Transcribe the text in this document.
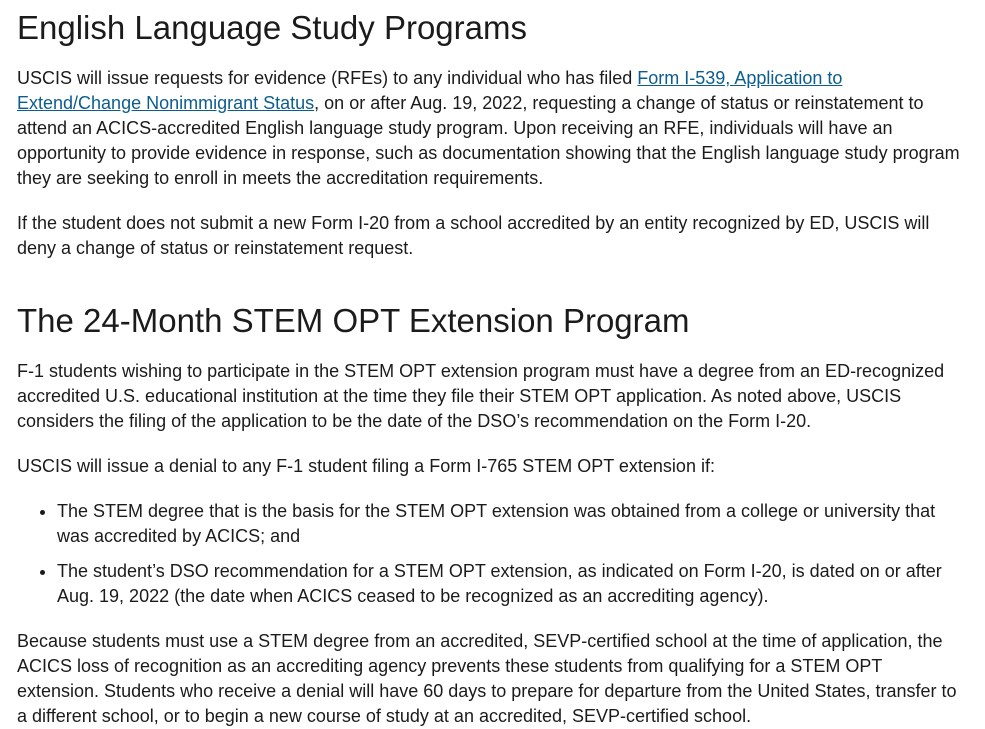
English Language Study Programs

USCIS will issue requests for evidence (RFEs) to any individual who has filed Form I-539, Application to Extend/Change Nonimmigrant Status, on or after Aug. 19, 2022, requesting a change of status or reinstatement to attend an ACICS-accredited English language study program. Upon receiving an RFE, individuals will have an opportunity to provide evidence in response, such as documentation showing that the English language study program they are seeking to enroll in meets the accreditation requirements.

If the student does not submit a new Form I-20 from a school accredited by an entity recognized by ED, USCIS will deny a change of status or reinstatement request.

The 24-Month STEM OPT Extension Program

F-1 students wishing to participate in the STEM OPT extension program must have a degree from an ED-recognized accredited U.S. educational institution at the time they file their STEM OPT application. As noted above, USCIS considers the filing of the application to be the date of the DSO’s recommendation on the Form I-20.

USCIS will issue a denial to any F-1 student filing a Form I-765 STEM OPT extension if:

• The STEM degree that is the basis for the STEM OPT extension was obtained from a college or university that was accredited by ACICS; and
• The student’s DSO recommendation for a STEM OPT extension, as indicated on Form I-20, is dated on or after Aug. 19, 2022 (the date when ACICS ceased to be recognized as an accrediting agency).

Because students must use a STEM degree from an accredited, SEVP-certified school at the time of application, the ACICS loss of recognition as an accrediting agency prevents these students from qualifying for a STEM OPT extension. Students who receive a denial will have 60 days to prepare for departure from the United States, transfer to a different school, or to begin a new course of study at an accredited, SEVP-certified school.
